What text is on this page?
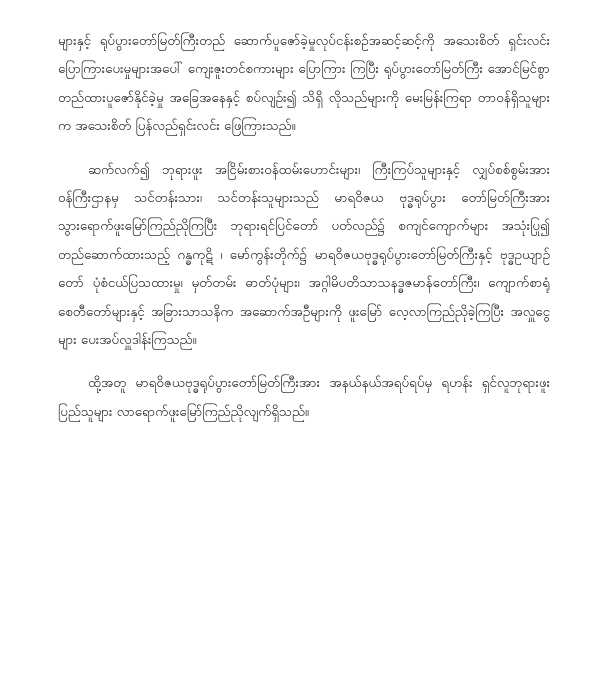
များနှင့် ရုပ်ပွားတော်မြတ်ကြီးတည် ဆောက်ပူဇော်ခဲ့မှုလုပ်ငန်းစဉ်အဆင့်ဆင့်ကို အသေးစိတ် ရှင်းလင်းပြောကြားပေးမှုများအပေါ် ကျေးဇူးတင်စကားများ ပြောကြား ကြပြီး ရုပ်ပွားတော်မြတ်ကြီး အောင်မြင်စွာ တည်ထားပူဇော်နိုင်ခဲ့မှု အခြေအနေနှင့် စပ်လျဉ်း၍ သိရှိ လိုသည်များကို မေးမြန်းကြရာ တာဝန်ရှိသူများက အသေးစိတ် ပြန်လည်ရှင်းလင်း ဖြေကြားသည်။

ဆက်လက်၍ ဘုရားဖူး အငြိမ်းစားဝန်ထမ်းဟောင်းများ၊ ကြီးကြပ်သူများနှင့် လျှပ်စစ်စွမ်းအား ဝန်ကြီးဌာနမှ သင်တန်းသား၊ သင်တန်းသူများသည် မာရဝိဇယ ဗုဒ္ဓရုပ်ပွား တော်မြတ်ကြီးအား သွားရောက်ဖူးမြော်ကြည်ညိုကြပြီး ဘုရားရင်ပြင်တော် ပတ်လည်၌ စကျင်ကျောက်များ အသုံးပြု၍ တည်ဆောက်ထားသည့် ဂန္ဓကုဋိ ၊ မော်ကွန်းတိုက်၌ မာရဝိဇယဗုဒ္ဓရုပ်ပွားတော်မြတ်ကြီးနှင့် ဗုဒ္ဓဥယျာဉ်တော် ပုံစံငယ်ပြသထားမှု၊ မှတ်တမ်း ဓာတ်ပုံများ၊ အဂ္ဂါမိပတိသာသနဒ္ဓဇမာန်တော်ကြီး၊ ကျောက်စာရုံ စေတီတော်များနှင့် အခြားသာသနိက အဆောက်အဦများကို ဖူးမြော် လေ့လာကြည်ညိုခဲ့ကြပြီး အလှူငွေ များ ပေးအပ်လှူဒါန်းကြသည်။

ထို့အတူ မာရဝိဇယဗုဒ္ဓရုပ်ပွားတော်မြတ်ကြီးအား အနယ်နယ်အရပ်ရပ်မှ ရဟန်း ရှင်လူဘုရားဖူးပြည်သူများ လာရောက်ဖူးမြော်ကြည်ညိုလျက်ရှိသည်။
